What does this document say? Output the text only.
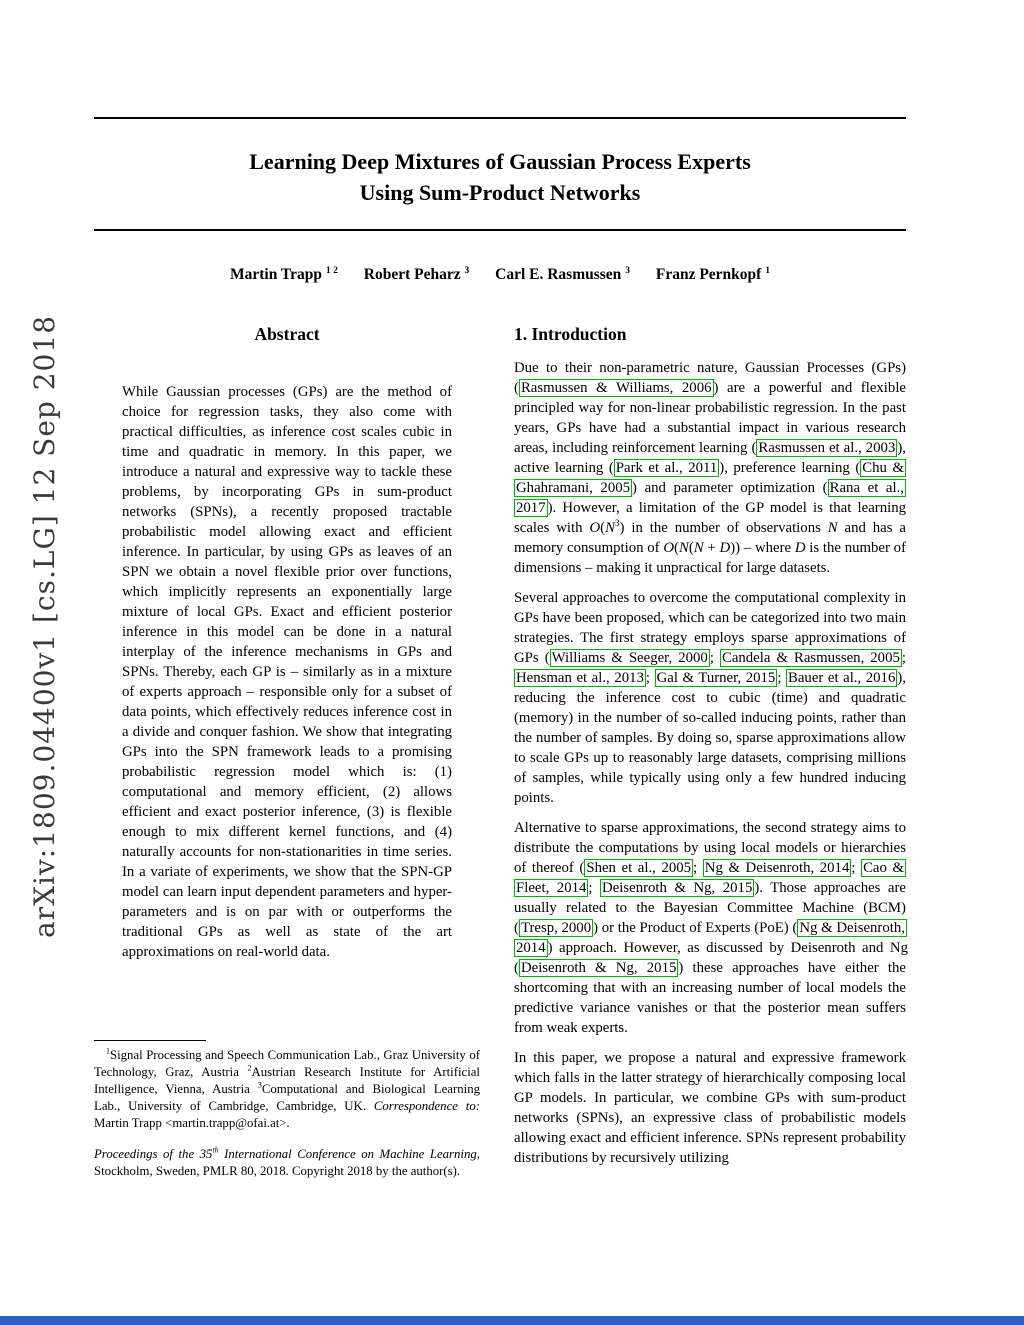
arXiv:1809.04400v1 [cs.LG] 12 Sep 2018
Learning Deep Mixtures of Gaussian Process Experts
Using Sum-Product Networks
Martin Trapp $^{1 2}$ Robert Peharz $^3$ Carl E. Rasmussen $^3$ Franz Pernkopf $^1$
Abstract

While Gaussian processes (GPs) are the method of choice for regression tasks, they also come with practical difficulties, as inference cost scales cubic in time and quadratic in memory. In this paper, we introduce a natural and expressive way to tackle these problems, by incorporating GPs in sum-product networks (SPNs), a recently proposed tractable probabilistic model allowing exact and efficient inference. In particular, by using GPs as leaves of an SPN we obtain a novel flexible prior over functions, which implicitly represents an exponentially large mixture of local GPs. Exact and efficient posterior inference in this model can be done in a natural interplay of the inference mechanisms in GPs and SPNs. Thereby, each GP is – similarly as in a mixture of experts approach – responsible only for a subset of data points, which effectively reduces inference cost in a divide and conquer fashion. We show that integrating GPs into the SPN framework leads to a promising probabilistic regression model which is: (1) computational and memory efficient, (2) allows efficient and exact posterior inference, (3) is flexible enough to mix different kernel functions, and (4) naturally accounts for non-stationarities in time series. In a variate of experiments, we show that the SPN-GP model can learn input dependent parameters and hyper-parameters and is on par with or outperforms the traditional GPs as well as state of the art approximations on real-world data.

1. Introduction

Due to their non-parametric nature, Gaussian Processes (GPs) ( Rasmussen & Williams, 2006 ) are a powerful and flexible principled way for non-linear probabilistic regression. In the past years, GPs have had a substantial impact in various research areas, including reinforcement learning ( Rasmussen et al., 2003 ), active learning ( Park et al., 2011 ), preference learning ( Chu & Ghahramani, 2005 ) and parameter optimization ( Rana et al., 2017 ). However, a limitation of the GP model is that learning scales with $O(N^3)$ in the number of observations N and has a memory consumption of O(N(N + D)) – where D is the number of dimensions – making it unpractical for large datasets.

Several approaches to overcome the computational complexity in GPs have been proposed, which can be categorized into two main strategies. The first strategy employs sparse approximations of GPs ( Williams & Seeger, 2000 ; Candela & Rasmussen, 2005 ; Hensman et al., 2013 ; Gal & Turner, 2015 ; Bauer et al., 2016 ), reducing the inference cost to cubic (time) and quadratic (memory) in the number of so-called inducing points, rather than the number of samples. By doing so, sparse approximations allow to scale GPs up to reasonably large datasets, comprising millions of samples, while typically using only a few hundred inducing points.

Alternative to sparse approximations, the second strategy aims to distribute the computations by using local models or hierarchies of thereof ( Shen et al., 2005 ; Ng & Deisenroth, 2014 ; Cao & Fleet, 2014 ; Deisenroth & Ng, 2015 ). Those approaches are usually related to the Bayesian Committee Machine (BCM) ( Tresp, 2000 ) or the Product of Experts (PoE) ( Ng & Deisenroth, 2014 ) approach. However, as discussed by Deisenroth and Ng ( Deisenroth & Ng, 2015 ) these approaches have either the shortcoming that with an increasing number of local models the predictive variance vanishes or that the posterior mean suffers from weak experts.

In this paper, we propose a natural and expressive framework which falls in the latter strategy of hierarchically composing local GP models. In particular, we combine GPs with sum-product networks (SPNs), an expressive class of probabilistic models allowing exact and efficient inference. SPNs represent probability distributions by recursively utilizing

$^1$Signal Processing and Speech Communication Lab., Graz University of Technology, Graz, Austria $^2$Austrian Research Institute for Artificial Intelligence, Vienna, Austria $^3$Computational and Biological Learning Lab., University of Cambridge, Cambridge, UK. Correspondence to: Martin Trapp <martin.trapp@ofai.at>.

Proceedings of the 35th International Conference on Machine Learning, Stockholm, Sweden, PMLR 80, 2018. Copyright 2018 by the author(s).
